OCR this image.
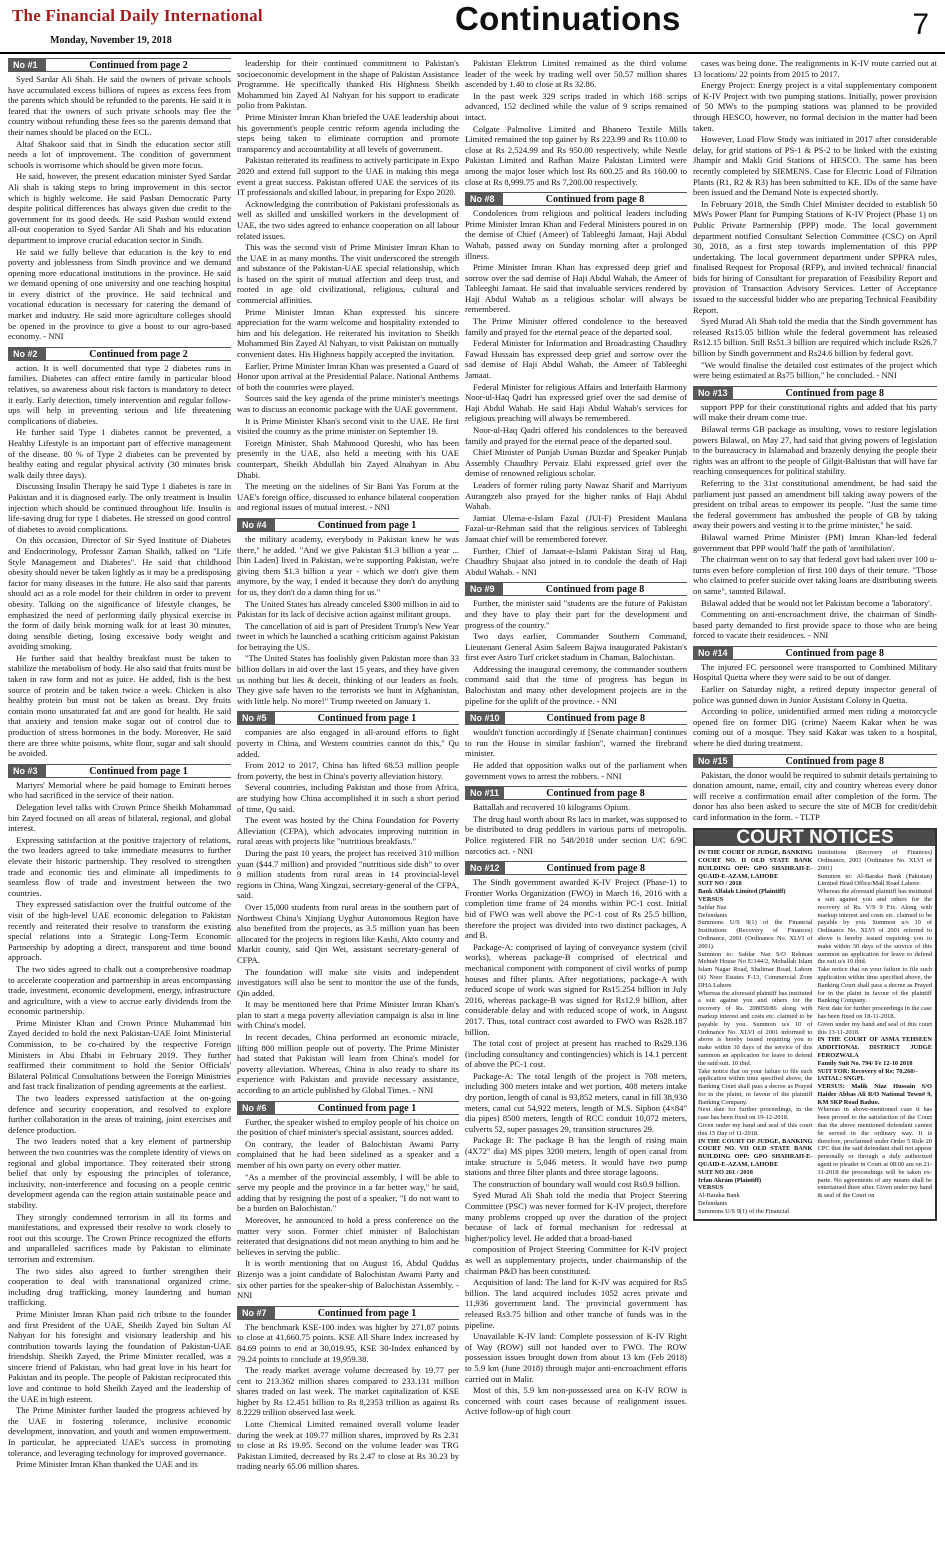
The Financial Daily International
Monday, November 19, 2018
Continuations	7
No #1	Continued from page 2

Syed Sardar Ali Shah. He said the owners of private schools have accumulated excess billions of rupees as excess fees from the parents which should be refunded to the parents. He said it is feared that the owners of such private schools may flee the country without refunding these fees so the parents demand that their names should be placed on the ECL.

Altaf Shakoor said that in Sindh the education sector still needs a lot of improvement. The condition of government schools is worrisome which should be given more focus.

He said, however, the present education minister Syed Sardar Ali shah is taking steps to bring improvement in this sector which is highly welcome. He said Pasban Democratic Party despite political differences has always given due credit to the government for its good deeds. He said Pasban would extend all-out cooperation to Syed Sardar Ali Shah and his education department to improve crucial education sector in Sindh.

He said we fully believe that education is the key to end poverty and joblessness from Sindh province and we demand opening more educational institutions in the province. He said we demand opening of one university and one teaching hospital in every district of the province. He said technical and vocational education is necessary for catering the demand of market and industry. He said more agriculture colleges should be opened in the province to give a boost to our agro-based economy. - NNI

No #2	Continued from page 2

action. It is well documented that type 2 diabetes runs in families. Diabetes can affect entire family in particular blood relatives, so awareness about risk factors is mandatory to detect it early. Early detection, timely intervention and regular follow-ups will help in preventing serious and life threatening complications of diabetes.

He further said Type 1 diabetes cannot be prevented, a Healthy Lifestyle is an important part of effective management of the disease. 80 % of Type 2 diabetes can be prevented by healthy eating and regular physical activity (30 minutes brisk walk daily three days).

Discussing Insulin Therapy he said Type 1 diabetes is rare in Pakistan and it is diagnosed early. The only treatment is Insulin injection which should be continued throughout life. Insulin is life-saving drug for type 1 diabetes. He stressed on good control of diabetes to avoid complications.

On this occasion, Director of Sir Syed Institute of Diabetes and Endocrinology, Professor Zaman Shaikh, talked on "Life Style Management and Diabetes". He said that childhood obesity should never be taken lightly as it may be a predisposing factor for many diseases in the future. He also said that parents should act as a role model for their children in order to prevent obesity. Talking on the significance of lifestyle changes, he emphasized the need of performing daily physical exercise in the form of daily brisk morning walk for at least 30 minutes, doing sensible dieting, losing excessive body weight and avoiding smoking.

He further said that healthy breakfast must be taken to stabilize the metabolism of body. He also said that fruits must be taken in raw form and not as juice. He added, fish is the best source of protein and be taken twice a week. Chicken is also healthy protein but must not be taken as breast. Dry fruits contain mono unsaturated fat and are good for health. He said that anxiety and tension make sugar out of control due to production of stress hormones in the body. Moreover, He said there are three white poisons, white flour, sugar and salt should be avoided.

No #3	Continued from page 1

Martyrs' Memorial where he paid homage to Emirati heroes who had sacrificed in the service of their nation.

Delegation level talks with Crown Prince Sheikh Mohammad bin Zayed focused on all areas of bilateral, regional, and global interest.

Expressing satisfaction at the positive trajectory of relations, the two leaders agreed to take immediate measures to further elevate their historic partnership. They resolved to strengthen trade and economic ties and eliminate all impediments to seamless flow of trade and investment between the two countries.

They expressed satisfaction over the fruitful outcome of the visit of the high-level UAE economic delegation to Pakistan recently and reiterated their resolve to transform the existing special relations into a Strategic Long-Term Economic Partnership by adopting a direct, transparent and time bound approach.

The two sides agreed to chalk out a comprehensive roadmap to accelerate cooperation and partnership in areas encompassing trade, investment, economic development, energy, infrastructure and agriculture, with a view to accrue early dividends from the economic partnership.

Prime Minister Khan and Crown Prince Muhammad bin Zayed decided to hold the next Pakistan-UAE Joint Ministerial Commission, to be co-chaired by the respective Foreign Ministers in Abu Dhabi in February 2019. They further reaffirmed their commitment to hold the Senior Officials' Bilateral Political Consultations between the Foreign Ministries and fast track finalization of pending agreements at the earliest.

The two leaders expressed satisfaction at the on-going defence and security cooperation, and resolved to explore further collaboration in the areas of training, joint exercises and defence production.

The two leaders noted that a key element of partnership between the two countries was the complete identity of views on regional and global importance. They reiterated their strong belief that only by espousing the principles of tolerance, inclusivity, non-interference and focusing on a people centric development agenda can the region attain sustainable peace and stability.

They strongly condemned terrorism in all its forms and manifestations, and expressed their resolve to work closely to root out this scourge. The Crown Prince recognized the efforts and unparalleled sacrifices made by Pakistan to eliminate terrorism and extremism.

The two sides also agreed to further strengthen their cooperation to deal with transnational organized crime, including drug trafficking, money laundering and human trafficking.

Prime Minister Imran Khan paid rich tribute to the founder and first President of the UAE, Sheikh Zayed bin Sultan Al Nahyan for his foresight and visionary leadership and his contribution towards laying the foundation of Pakistan-UAE friendship. Sheikh Zayed, the Prime Minister recalled, was a sincere friend of Pakistan, who had great love in his heart for Pakistan and its people. The people of Pakistan reciprocated this love and continue to hold Sheikh Zayed and the leadership of the UAE in high esteem.

The Prime Minister further lauded the progress achieved by the UAE in fostering tolerance, inclusive economic development, innovation, and youth and women empowerment. In particular, he appreciated UAE's success in promoting tolerance, and leveraging technology for improved governance.

Prime Minister Imran Khan thanked the UAE and its

leadership for their continued commitment to Pakistan's socioeconomic development in the shape of Pakistan Assistance Programme. He specifically thanked His Highness Sheikh Mohammed bin Zayed Al Nahyan for his support to eradicate polio from Pakistan.

Prime Minister Imran Khan briefed the UAE leadership about his government's people centric reform agenda including the steps being taken to eliminate corruption and promote transparency and accountability at all levels of government.

Pakistan reiterated its readiness to actively participate in Expo 2020 and extend full support to the UAE in making this mega event a great success. Pakistan offered UAE the services of its IT professionals and skilled labour, in preparing for Expo 2020.

Acknowledging the contribution of Pakistani professionals as well as skilled and unskilled workers in the development of UAE, the two sides agreed to enhance cooperation on all labour related issues.

This was the second visit of Prime Minister Imran Khan to the UAE in as many months. The visit underscored the strength and substance of the Pakistan-UAE special relationship, which is based on the spirit of mutual affection and deep trust, and rooted in age old civilizational, religious, cultural and commercial affinities.

Prime Minister Imran Khan expressed his sincere appreciation for the warm welcome and hospitality extended to him and his delegation. He reiterated his invitation to Sheikh Mohammed Bin Zayed Al Nahyan, to visit Pakistan on mutually convenient dates. His Highness happily accepted the invitation.

Earlier, Prime Minister Imran Khan was presented a Guard of Honor upon arrival at the Presidential Palace. National Anthems of both the countries were played.

Sources said the key agenda of the prime minister's meetings was to discuss an economic package with the UAE government.

It is Prime Minister Khan's second visit to the UAE. He first visited the country as the prime minister on September 19.

Foreign Minister, Shah Mahmood Qureshi, who has been presently in the UAE, also held a meeting with his UAE counterpart, Sheikh Abdullah bin Zayed Alnahyan in Abu Dhabi.

The meeting on the sidelines of Sir Bani Yas Forum at the UAE's foreign office, discussed to enhance bilateral cooperation and regional issues of mutual interest. - NNI

No #4	Continued from page 1

the military academy, everybody in Pakistan knew he was there," he added. "And we give Pakistan $1.3 billion a year ... [bin Laden] lived in Pakistan, we're supporting Pakistan, we're giving them $1.3 billion a year - which we don't give them anymore, by the way, I ended it because they don't do anything for us, they don't do a damn thing for us."

The United States has already canceled $300 million in aid to Pakistan for its lack of decisive action against militant groups.

The cancellation of aid is part of President Trump's New Year tweet in which he launched a scathing criticism against Pakistan for betraying the US.

"The United States has foolishly given Pakistan more than 33 billion dollars in aid over the last 15 years, and they have given us nothing but lies & deceit, thinking of our leaders as fools. They give safe haven to the terrorists we hunt in Afghanistan, with little help. No more!" Trump tweeted on January 1.

No #5	Continued from page 1

companies are also engaged in all-around efforts to fight poverty in China, and Western countries cannot do this," Qu added.

From 2012 to 2017, China has lifted 68.53 million people from poverty, the best in China's poverty alleviation history.

Several countries, including Pakistan and those from Africa, are studying how China accomplished it in such a short period of time, Qu said.

The event was hosted by the China Foundation for Poverty Alleviation (CFPA), which advocates improving nutrition in rural areas with projects like "nutritious breakfasts."

During the past 10 years, the project has received 310 million yuan ($44.7 million) and provided "nutritious side dish" to over 9 million students from rural areas in 14 provincial-level regions in China, Wang Xingzui, secretary-general of the CFPA, said.

Over 15,000 students from rural areas in the southern part of Northwest China's Xinjiang Uyghur Autonomous Region have also benefited from the projects, as 3.5 million yuan has been allocated for the projects in regions like Kashi, Akto county and Markit county, said Qin Wei, assistant secretary-general of CFPA.

The foundation will make site visits and independent investigators will also be sent to monitor the use of the funds, Qin added.

It may be mentioned here that Prime Minister Imran Khan's plan to start a mega poverty alleviation campaign is also in line with China's model.

In recent decades, China performed an economic miracle, lifting 800 million people out of poverty. The Prime Minister had stated that Pakistan will learn from China's model for poverty alleviation. Whereas, China is also ready to share its experience with Pakistan and provide necessary assistance, according to an article published by Global Times. - NNI

No #6	Continued from page 1

Further, the speaker wished to employ people of his choice on the position of chief minister's special assistant, sources added.

On contrary, the leader of Balochistan Awami Party complained that he had been sidelined as a speaker and a member of his own party on every other matter.

"As a member of the provincial assembly, I will be able to serve my people and the province in a far better way," he said, adding that by resigning the post of a speaker, "I do not want to be a burden on Balochistan."

Moreover, he announced to hold a press conference on the matter very soon. Former chief minister of Balochistan reiterated that designations did not mean anything to him and he believes in serving the public.

It is worth mentioning that on August 16, Abdul Quddus Bizenjo was a joint candidate of Balochistan Awami Party and six other parties for the speaker-ship of Balochistan Assembly. - NNI

No #7	Continued from page 1

The benchmark KSE-100 index was higher by 271.87 points to close at 41,660.75 points. KSE All Share Index increased by 84.69 points to end at 30,019.95, KSE 30-Index enhanced by 79.24 points to conclude at 19,959.38.

The ready market average volume decreased by 19.77 per cent to 213.362 million shares compared to 233.131 million shares traded on last week. The market capitalization of KSE higher by Rs 12.451 billion to Rs 8,2353 trillion as against Rs 8.2229 trillion observed last week.

Lotte Chemical Limited remained overall volume leader during the week at 109.77 million shares, improved by Rs 2.31 to close at Rs 19.95. Second on the volume leader was TRG Pakistan Limited, decreased by Rs 2.47 to close at Rs 30.23 by trading nearly 65.06 million shares.

Pakistan Elektron Limited remained as the third volume leader of the week by trading well over 50.57 million shares ascended by 1.40 to close at Rs 32.86.

In the past week 329 scrips traded in which 168 scrips advanced, 152 declined while the value of 9 scrips remained intact.

Colgate Palmolive Limited and Bhanero Textile Mills Limited remained the top gainer by Rs 223.99 and Rs 110.00 to close at Rs 2,524.99 and Rs 950.00 respectively, while Nestle Pakistan Limited and Rafhan Maize Pakistan Limited were among the major loser which lost Rs 600.25 and Rs 160.00 to close at Rs 8,999.75 and Rs 7,200.00 respectively.

No #8	Continued from page 8

Condolences from religious and political leaders including Prime Minister Imran Khan and Federal Ministers poured in on the demise of Chief (Ameer) of Tableeghi Jamaat, Haji Abdul Wahab, passed away on Sunday morning after a prolonged illness.

Prime Minister Imran Khan has expressed deep grief and sorrow over the sad demise of Haji Abdul Wahab, the Ameer of Tableeghi Jamaat. He said that invaluable services rendered by Haji Abdul Wahab as a religious scholar will always be remembered.

The Prime Minister offered condolence to the bereaved family and prayed for the eternal peace of the departed soul.

Federal Minister for Information and Broadcasting Chaudhry Fawad Hussain has expressed deep grief and sorrow over the sad demise of Haji Abdul Wahab, the Ameer of Tableeghi Jamaat.

Federal Minister for religious Affairs and Interfaith Harmony Noor-ul-Haq Qadri has expressed grief over the sad demise of Haji Abdul Wahab. He said Haji Abdul Wahab's services for religious preaching will always be remembered.

Noor-ul-Haq Qadri offered his condolences to the bereaved family and prayed for the eternal peace of the departed soul.

Chief Minister of Punjab Usman Buzdar and Speaker Punjab Assembly Chaudhry Pervaiz Elahi expressed grief over the demise of renowned religious scholar.

Leaders of former ruling party Nawaz Sharif and Marriyum Aurangzeb also prayed for the higher ranks of Haji Abdul Wahab.

Jamiat Ulema-e-Islam Fazal (JUI-F) President Maulana Fazal-ur-Rehman said that the religious services of Tableeghi Jamaat chief will be remembered forever.

Further, Chief of Jamaat-e-Islami Pakistan Siraj ul Haq, Chaudhry Shujaat also joined in to condole the death of Haji Abdul Wahab. - NNI

No #9	Continued from page 8

Further, the minister said "students are the future of Pakistan and they have to play their part for the development and progress of the country."

Two days earlier, Commander Southern Command, Lieutenant General Asim Saleem Bajwa inaugurated Pakistan's first ever Astro Turf cricket stadium in Chaman, Balochistan.

Addressing the inaugural ceremony, the commander southern command said that the time of progress has begun in Balochistan and many other development projects are in the pipeline for the uplift of the province. - NNI

No #10	Continued from page 8

wouldn't function accordingly if [Senate chairman] continues to run the House in similar fashion", warned the firebrand minister.

He added that opposition walks out of the parliament when government vows to arrest the robbers. - NNI

No #11	Continued from page 8

Battallah and recovered 10 kilograms Opium.

The drug haul worth about Rs lacs in market, was supposed to be distributed to drug peddlers in various parts of metropolis. Police registered FIR no 548/2018 under section U/C 6/9C narcotics act. - NNI

No #12	Continued from page 8

The Sindh government awarded K-IV Project (Phase-1) to Frontier Works Organization (FWO) in March 16, 2016 with a completion time frame of 24 months within PC-1 cost. Initial bid of FWO was well above the PC-1 cost of Rs 25.5 billion, therefore the project was divided into two distinct packages, A and B.

Package-A: comprised of laying of conveyance system (civil works), whereas package-B comprised of electrical and mechanical component with component of civil works of pump houses and filter plants. After negotiations, package-A with reduced scope of work was signed for Rs15.254 billion in July 2016, whereas package-B was signed for Rs12.9 billion, after considerable delay and with reduced scope of work, in August 2017. Thus, total contract cost awarded to FWO was Rs28.187 billion.

The total cost of project at present has reached to Rs29.136 (including consultancy and contingencies) which is 14.1 percent of above the PC-1 cost.

Package-A: The total length of the project is 708 meters, including 300 meters intake and wet portion, 408 meters intake dry portion, length of canal is 93,852 meters, canal in fill 38,930 meters, canal cut 54,922 meters, length of M.S. Siphon (4×84" dia pipes) 8500 meters, length of RCC conduit 10,072 meters, culverts 52, super passages 29, transition structures 29.

Package B: The package B has the length of rising main (4X72" dia) MS pipes 3200 meters, length of open canal from intake structure is 5,046 meters. It would have two pump stations and three filter plants and three storage lagoons.

The construction of boundary wall would cost Rs0.9 billion.

Syed Murad Ali Shah told the media that Project Steering Committee (PSC) was never formed for K-IV project, therefore many problems cropped up over the duration of the project because of lack of formal mechanism for redressal at higher/policy level. He added that a broad-based

composition of Project Steering Committee for K-IV project as well as supplementary projects, under chairmanship of the chairman P&D has been constituted.

Acquisition of land: The land for K-IV was acquired for Rs5 billion. The land acquired includes 1052 acres private and 11,936 government land. The provincial government has released Rs3.75 billion and other tranche of funds was in the pipeline.

Unavailable K-IV land: Complete possession of K-IV Right of Way (ROW) still not handed over to FWO. The ROW possession issues brought down from about 13 km (Feb 2018) to 5.9 km (June 2018) through major anti-encroachment efforts carried out in Malir.

Most of this, 5.9 km non-possessed area on K-IV ROW is concerned with court cases because of realignment issues. Active follow-up of high court

cases was being done. The realignments in K-IV route carried out at 13 locations/ 22 points from 2015 to 2017.

Energy Project: Energy project is a vital supplementary component of K-IV Project with two pumping stations. Initially, power provision of 50 MWs to the pumping stations was planned to be provided through HESCO, however, no formal decision in the matter had been taken.

However, Load Flow Study was initiated in 2017 after considerable delay, for grid stations of PS-1 & PS-2 to be linked with the existing Jhampir and Makli Grid Stations of HESCO. The same has been recently completed by SIEMENS. Case for Electric Load of Filtration Plants (R1, R2 & R3) has been submitted to KE. IDs of the same have been issued and the Demand Note is expected shortly.

In February 2018, the Sindh Chief Minister decided to establish 50 MWs Power Plant for Pumping Stations of K-IV Project (Phase 1) on Public Private Partnership (PPP) mode. The local government department notified Consultant Selection Committee (CSC) on April 30, 2018, as a first step towards implementation of this PPP undertaking. The local government department under SPPRA rules, finalised Request for Proposal (RFP), and invited technical/ financial bids for hiring of Consultant for preparation of Feasibility Report and provision of Transaction Advisory Services. Letter of Acceptance issued to the successful bidder who are preparing Technical Feasibility Report.

Syed Murad Ali Shah told the media that the Sindh government has released Rs15.05 billion while the federal government has released Rs12.15 billion. Still Rs51.3 billion are required which include Rs26.7 billion by Sindh government and Rs24.6 billion by federal govt.

"We would finalise the detailed cost estimates of the project which were being estimated at Rs75 billion," he concluded. - NNI

No #13	Continued from page 8

support PPP for their constitutional rights and added that his party will make their dream come true.

Bilawal terms GB package as insulting, vows to restore legislation powers Bilawal, on May 27, had said that giving powers of legislation to the bureaucracy in Islamabad and brazenly denying the people their rights was an affront to the people of Gilgit-Baltistan that will have far reaching consequences for political stability.

Referring to the 31st constitutional amendment, he had said the parliament just passed an amendment bill taking away powers of the president on tribal areas to empower its people. "Just the same time the federal government has ambushed the people of GB by taking away their powers and vesting it to the prime minister," he said.

Bilawal warned Prime Minister (PM) Imran Khan-led federal government that PPP would 'half' the path of 'annihilation'.

The chairman went on to say that federal govt had taken over 100 u-turns even before completion of first 100 days of their tenure. "Those who claimed to prefer suicide over taking loans are distributing sweets on same", taunted Bilawal.

Bilawal added that he would not let Pakistan become a 'laboratory'.

Commenting on anti-encroachment drive, the chairman of Sindh-based party demanded to first provide space to those who are being forced to vacate their residences. - NNI

No #14	Continued from page 8

The injured FC personnel were transported to Combined Military Hospital Quetta where they were said to be out of danger.

Earlier on Saturday night, a retired deputy inspector general of police was gunned down in Junior Assistant Colony in Quetta.

According to police, unidentified armed men riding a motorcycle opened fire on former DIG (crime) Naeem Kakar when he was coming out of a mosque. They said Kakar was taken to a hospital, where he died during treatment.

No #15	Continued from page 8

Pakistan, the donor would be required to submit details pertaining to donation amount, name, email, city and country whereas every donor will receive a confirmation email after completion of the form. The donor has also been asked to secure the site of MCB for credit/debit card information in the form. - TLTP

COURT NOTICES
IN THE COURT OF JUDGE, BANKING COURT NO. II OLD STATE BANK BUILDING OPP: GPO SHAHRAH-E-QUAID-E-AZAM, LAHORE
SUIT NO / 2018
Bank Alfalah Limited (Plaintiff)
VERSUS
Safdar Naz
Defendants
Summons U/S 9(1) of the Financial Institutions (Recovery of Finances) Ordinance, 2001 (Ordinance No. XLVI of 2001).
Summon to: Safdar Naz S/O Rehman Mehtab House No E/144/2, Mohallah Islam Islam Nagar Road, Shalimar Road, Lahore (ii) Noor Estates F-13, Commercial Zone DHA Lahore.
Whereas the aforesaid plaintiff has instituted a suit against you and others for the recovery of Rs. 208050/86 along with markup interest and costs etc. claimed to be payable by you. Summon u/s 10 of Ordinance No. XLVI of 2001 informed to above is hereby issued requiring you to make within 30 days of the service of this summon an application for leave to defend the said suit. 10 ibid.
Take notice that on your failure to file such application within time specified above, the Banking Court shall pass a decree as Prayed for in the plaint, in favour of the plaintiff Banking Company.
Next date for further proceedings, in the case has been fixed on 19-12-2018.
Given under my hand and seal of this court this 15 Day of 11-2018.
IN THE COURT OF JUDGE, BANKING COURT NO. VII OLD STATE BANK BUILDING OPP: GPO SHAHRAH-E-QUAID-E-AZAM, LAHORE
SUIT NO 261 / 2018
Irfan Akram (Plaintiff)
VERSUS
Al-Baraka Bank
Defendants
Summons U/S 9(1) of the Financial
Institutions (Recovery of Finances) Ordinance, 2001 (Ordinance No. XLVI of 2001)
Summon to: Al-Baraka Bank (Pakistan) Limited Head Office/Mall Road Lahore.
Whereas the aforesaid plaintiff has instituted a suit against you and others for the recovery of Rs. V/S 9 Fix. Along with markup interest and costs etc. claimed to be payable by you. Summon u/s 10 of Ordinance No. XLVI of 2001 referred to above is hereby issued requiring you to make within 30 days of the service of this summon an application for leave to defend the suit u/s 10 ibid.
Take notice that on your failure to file such application within time specified above, the Banking Court shall pass a decree as Prayed for in the plaint in favour of the plaintiff Banking Company.
Next date for further proceedings in the case has been fixed on 18-11-2018.
Given under my hand and seal of this court this 13-11-2018.
IN THE COURT OF ASMA TEHSEEN ADDITIONAL DISTRICT JUDGE FEROZWALA
Family Suit No. 794/ Fe 12-10 2018
SUIT FOR: Recovery of Rs: 70,260/-
IATIAL: SNGPL
VERSUS: Malik Niaz Hussain S/O Haider Abbas Ali R/O National Town# 9, KM SKP Road Baduo.
Whereas in above-mentioned case it has been proved to the satisfaction of the Court that the above mentioned defendant cannot be served in the ordinary way. It is therefore, proclaimed under Order 5 Rule 20 CPC that the said defendant shall not appear personally or through a duly authorized agent or pleader in Court at 08:00 am on 21-11-2018 the proceedings will be taken ex-parte. No agreements of any means shall be entertained there after. Given under my hand & seal of the Court on
